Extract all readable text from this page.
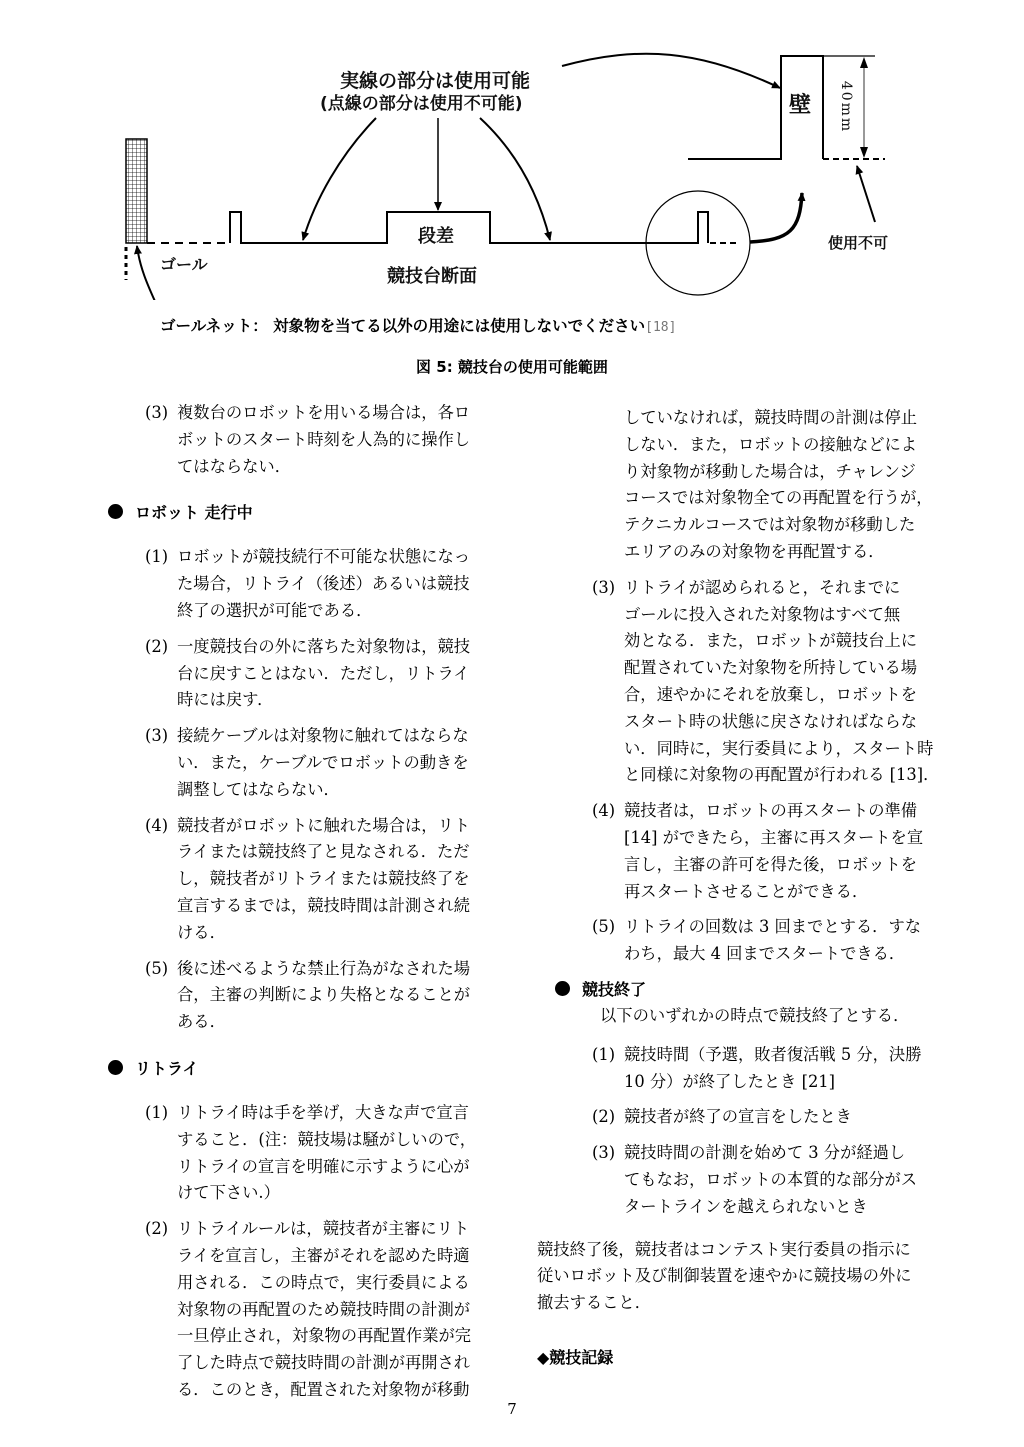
実線の部分は使用可能
(点線の部分は使用不可能)
段差
ゴール
競技台断面
壁 40mm
使用不可
ゴールネット： 対象物を当てる以外の用途には使用しないでください[18]
図 5: 競技台の使用可能範囲
(3) 複数台のロボットを用いる場合は，各ロ
ボットのスタート時刻を人為的に操作し
てはならない．
ロボット 走行中
(1) ロボットが競技続行不可能な状態になっ
た場合，リトライ（後述）あるいは競技
終了の選択が可能である．
(2) 一度競技台の外に落ちた対象物は，競技
台に戻すことはない．ただし，リトライ
時には戻す．
(3) 接続ケーブルは対象物に触れてはならな
い．また，ケーブルでロボットの動きを
調整してはならない．
(4) 競技者がロボットに触れた場合は，リト
ライまたは競技終了と見なされる．ただ
し，競技者がリトライまたは競技終了を
宣言するまでは，競技時間は計測され続
ける．
(5) 後に述べるような禁止行為がなされた場
合，主審の判断により失格となることが
ある．
リトライ
(1) リトライ時は手を挙げ，大きな声で宣言
すること．(注：競技場は騒がしいので，
リトライの宣言を明確に示すように心が
けて下さい.）
(2) リトライルールは，競技者が主審にリト
ライを宣言し，主審がそれを認めた時適
用される．この時点で，実行委員による
対象物の再配置のため競技時間の計測が
一旦停止され，対象物の再配置作業が完
了した時点で競技時間の計測が再開され
る．このとき，配置された対象物が移動
していなければ，競技時間の計測は停止
しない．また，ロボットの接触などによ
り対象物が移動した場合は，チャレンジ
コースでは対象物全ての再配置を行うが，
テクニカルコースでは対象物が移動した
エリアのみの対象物を再配置する．
(3) リトライが認められると，それまでに
ゴールに投入された対象物はすべて無
効となる．また，ロボットが競技台上に
配置されていた対象物を所持している場
合，速やかにそれを放棄し，ロボットを
スタート時の状態に戻さなければならな
い．同時に，実行委員により，スタート時
と同様に対象物の再配置が行われる [13]．
(4) 競技者は，ロボットの再スタートの準備
[14] ができたら，主審に再スタートを宣
言し，主審の許可を得た後，ロボットを
再スタートさせることができる．
(5) リトライの回数は 3 回までとする．すな
わち，最大 4 回までスタートできる．
競技終了
以下のいずれかの時点で競技終了とする．
(1) 競技時間（予選，敗者復活戦 5 分，決勝
10 分）が終了したとき [21]
(2) 競技者が終了の宣言をしたとき
(3) 競技時間の計測を始めて 3 分が経過し
てもなお，ロボットの本質的な部分がス
タートラインを越えられないとき
競技終了後，競技者はコンテスト実行委員の指示に
従いロボット及び制御装置を速やかに競技場の外に
撤去すること．
◆競技記録
7
